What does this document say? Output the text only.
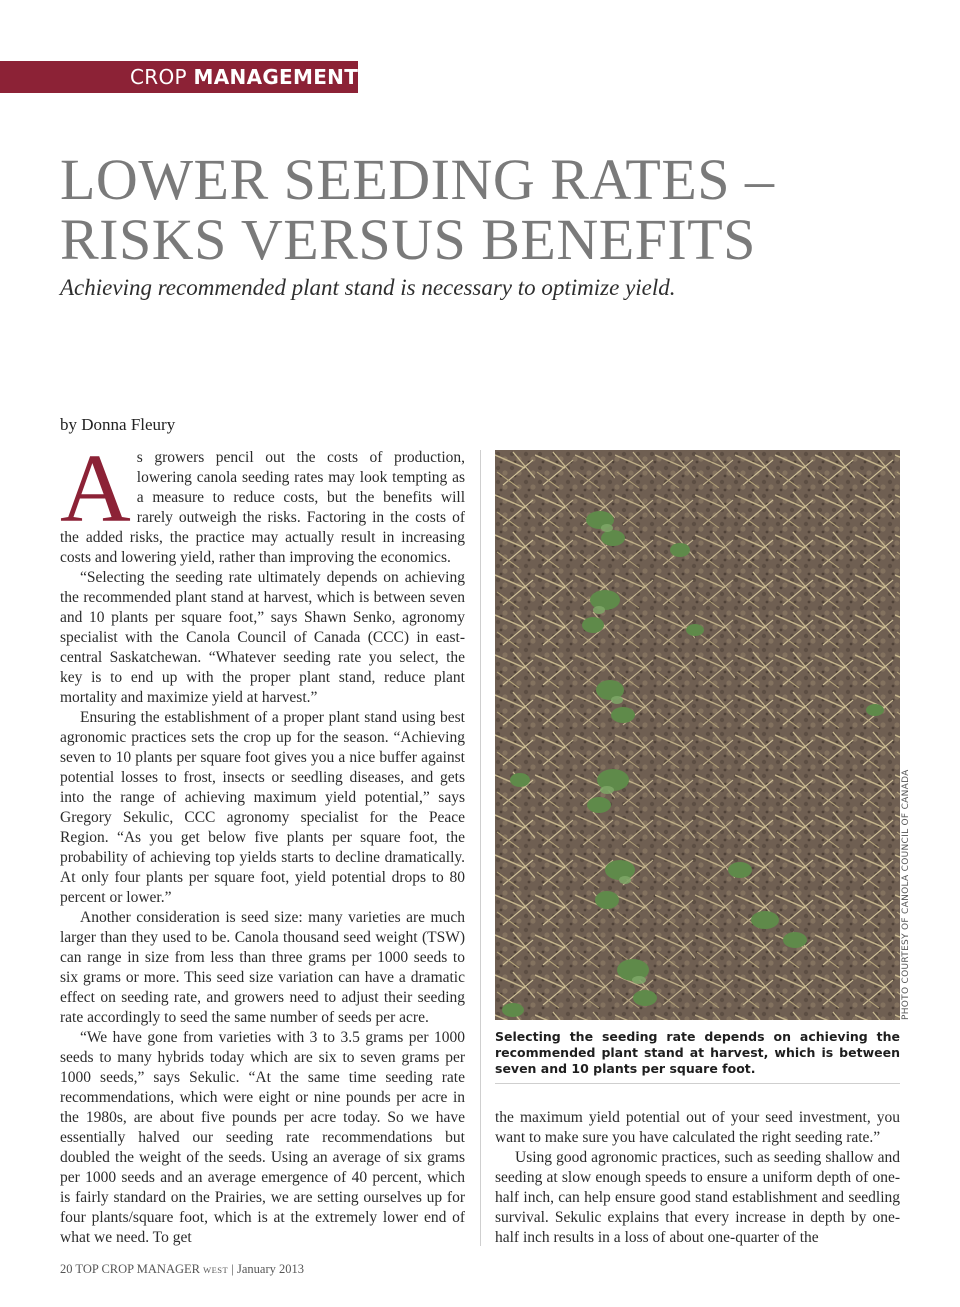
CROP MANAGEMENT
LOWER SEEDING RATES –
RISKS VERSUS BENEFITS

Achieving recommended plant stand is necessary to optimize yield.

by Donna Fleury

As growers pencil out the costs of production, lowering canola seeding rates may look tempting as a measure to reduce costs, but the benefits will rarely outweigh the risks. Factoring in the costs of the added risks, the practice may actually result in increasing costs and lowering yield, rather than improving the economics.

“Selecting the seeding rate ultimately depends on achieving the recommended plant stand at harvest, which is between seven and 10 plants per square foot,” says Shawn Senko, agronomy specialist with the Canola Council of Canada (CCC) in east-central Saskatchewan. “Whatever seeding rate you select, the key is to end up with the proper plant stand, reduce plant mortality and maximize yield at harvest.”

Ensuring the establishment of a proper plant stand using best agronomic practices sets the crop up for the season. “Achieving seven to 10 plants per square foot gives you a nice buffer against potential losses to frost, insects or seedling diseases, and gets into the range of achieving maximum yield potential,” says Gregory Sekulic, CCC agronomy specialist for the Peace Region. “As you get below five plants per square foot, the probability of achieving top yields starts to decline dramatically. At only four plants per square foot, yield potential drops to 80 percent or lower.”

Another consideration is seed size: many varieties are much larger than they used to be. Canola thousand seed weight (TSW) can range in size from less than three grams per 1000 seeds to six grams or more. This seed size variation can have a dramatic effect on seeding rate, and growers need to adjust their seeding rate accordingly to seed the same number of seeds per acre.

“We have gone from varieties with 3 to 3.5 grams per 1000 seeds to many hybrids today which are six to seven grams per 1000 seeds,” says Sekulic. “At the same time seeding rate recommendations, which were eight or nine pounds per acre in the 1980s, are about five pounds per acre today. So we have essentially halved our seeding rate recommendations but doubled the weight of the seeds. Using an average of six grams per 1000 seeds and an average emergence of 40 percent, which is fairly standard on the Prairies, we are setting ourselves up for four plants/square foot, which is at the extremely lower end of what we need. To get

PHOTO COURTESY OF CANOLA COUNCIL OF CANADA
Selecting the seeding rate depends on achieving the recommended plant stand at harvest, which is between seven and 10 plants per square foot.

the maximum yield potential out of your seed investment, you want to make sure you have calculated the right seeding rate.”

Using good agronomic practices, such as seeding shallow and seeding at slow enough speeds to ensure a uniform depth of one-half inch, can help ensure good stand establishment and seedling survival. Sekulic explains that every increase in depth by one-half inch results in a loss of about one-quarter of the

20 TOP CROP MANAGER WEST | January 2013
